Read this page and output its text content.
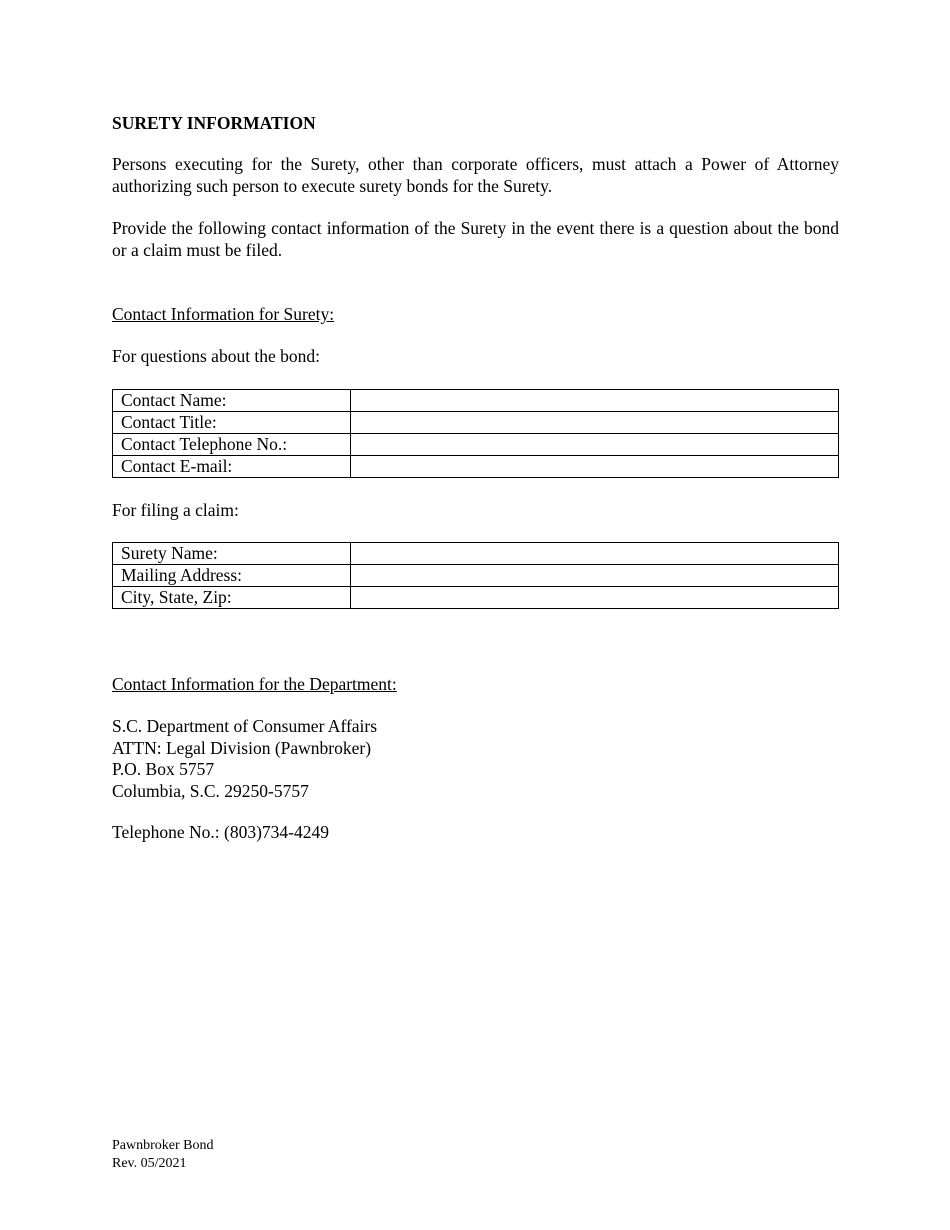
SURETY INFORMATION

Persons executing for the Surety, other than corporate officers, must attach a Power of Attorney authorizing such person to execute surety bonds for the Surety.

Provide the following contact information of the Surety in the event there is a question about the bond or a claim must be filed.

Contact Information for Surety:

For questions about the bond:

Contact Name:	
Contact Title:	
Contact Telephone No.:	
Contact E-mail:	

For filing a claim:

Surety Name:	
Mailing Address:	
City, State, Zip:	

Contact Information for the Department:

S.C. Department of Consumer Affairs
ATTN: Legal Division (Pawnbroker)
P.O. Box 5757
Columbia, S.C. 29250-5757

Telephone No.: (803)734-4249

Pawnbroker Bond
Rev. 05/2021
